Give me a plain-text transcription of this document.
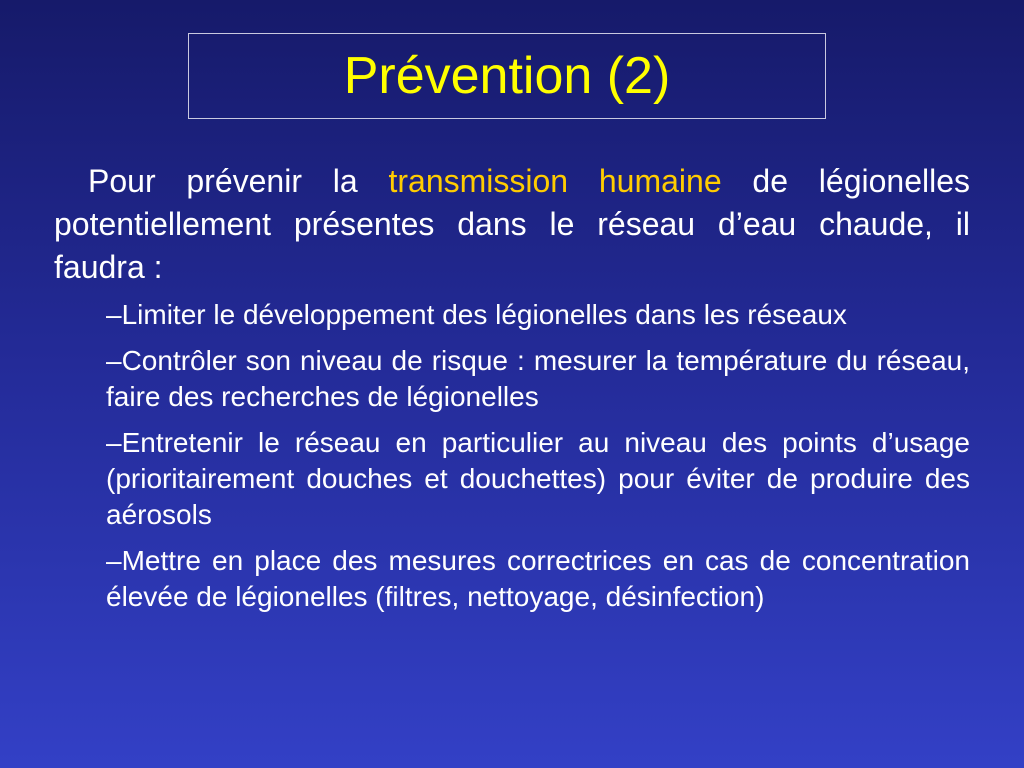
Prévention (2)

Pour prévenir la transmission humaine de légionelles potentiellement présentes dans le réseau d’eau chaude, il faudra :

–Limiter le développement des légionelles dans les réseaux
–Contrôler son niveau de risque : mesurer la température du réseau, faire des recherches de légionelles
–Entretenir le réseau en particulier au niveau des points d’usage (prioritairement douches et douchettes) pour éviter de produire des aérosols
–Mettre en place des mesures correctrices en cas de concentration élevée de légionelles (filtres, nettoyage, désinfection)
